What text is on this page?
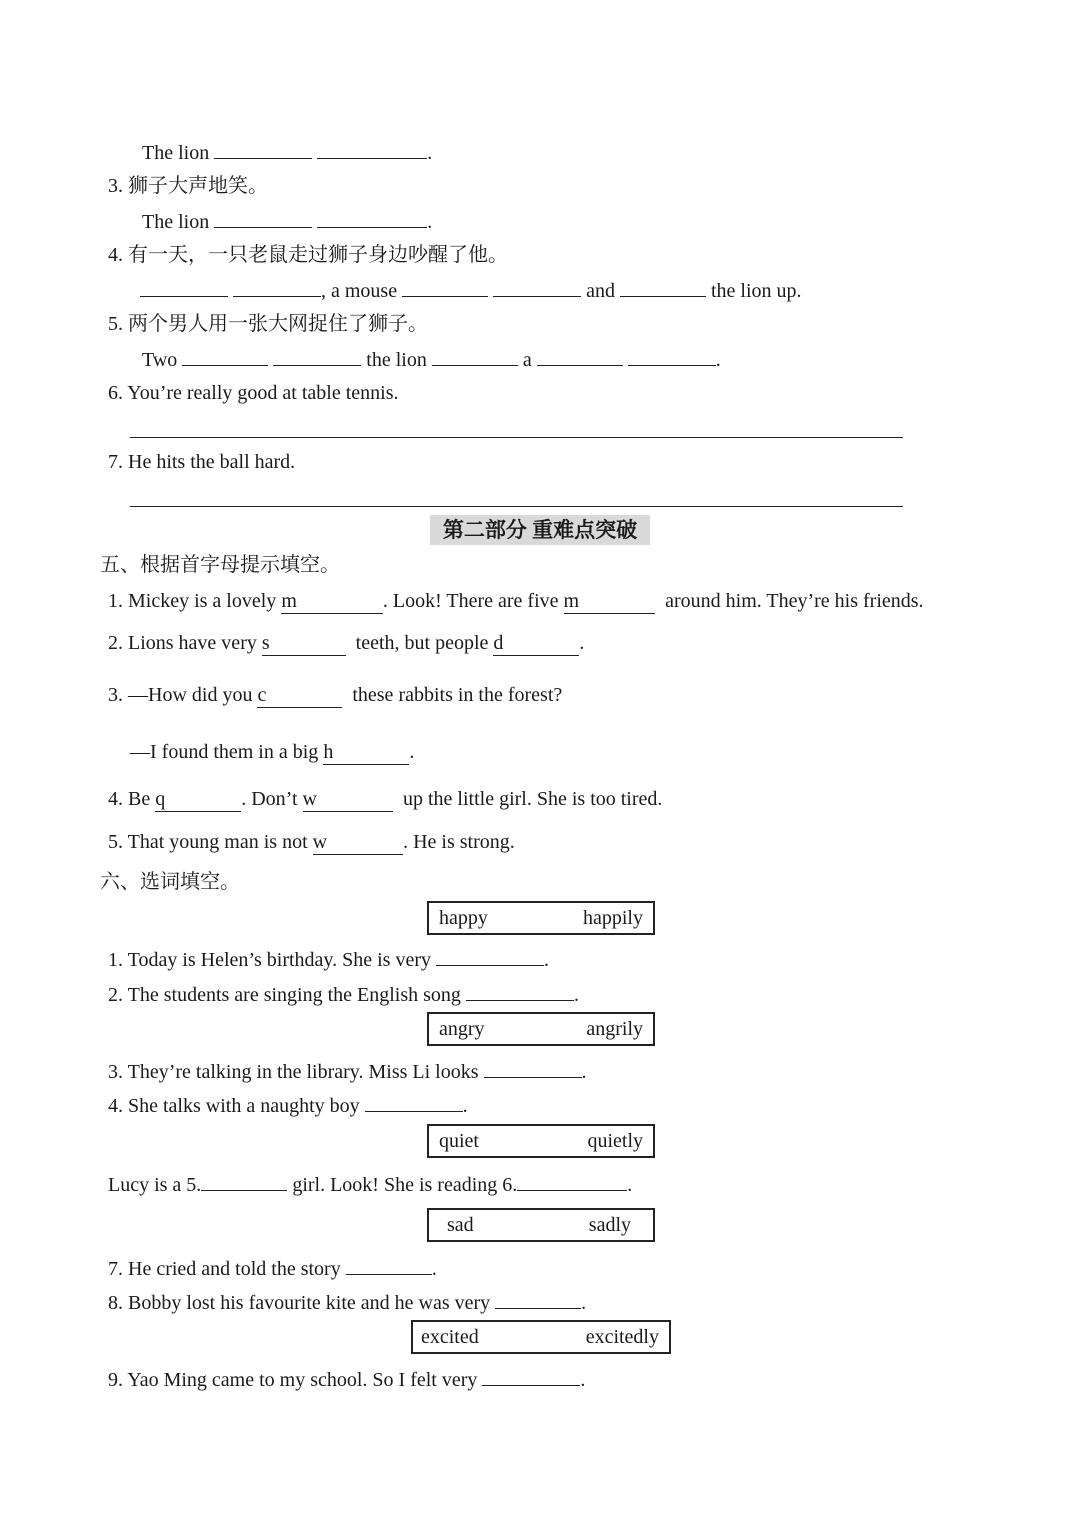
The lion	.
3. 狮子大声地笑。
The lion	.
4. 有一天，一只老鼠走过狮子身边吵醒了他。
, a mouse	and	the lion up.
5. 两个男人用一张大网捉住了狮子。
Two	the lion	a	.
6. You’re really good at table tennis.
7. He hits the ball hard.
第二部分 重难点突破
五、根据首字母提示填空。
1. Mickey is a lovely m	. Look! There are five m	around him. They’re his friends.
2. Lions have very s	teeth, but people d	.
3. —How did you c	these rabbits in the forest?
—I found them in a big h	.
4. Be q	. Don’t w	up the little girl. She is too tired.
5. That young man is not w	. He is strong.
六、选词填空。
happy	happily
1. Today is Helen’s birthday. She is very	.
2. The students are singing the English song	.
angry	angrily
3. They’re talking in the library. Miss Li looks	.
4. She talks with a naughty boy	.
quiet	quietly
Lucy is a 5.	girl. Look! She is reading 6.	.
sad	sadly
7. He cried and told the story	.
8. Bobby lost his favourite kite and he was very	.
excited	excitedly
9. Yao Ming came to my school. So I felt very	.
